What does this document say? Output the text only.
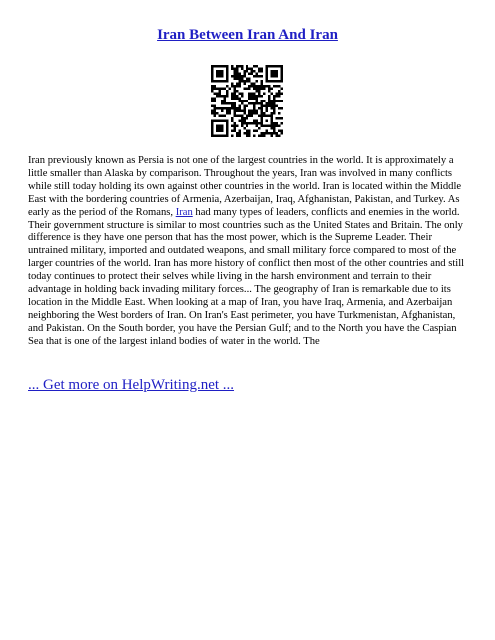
Iran Between Iran And Iran

Iran previously known as Persia is not one of the largest countries in the world. It is approximately a little smaller than Alaska by comparison. Throughout the years, Iran was involved in many conflicts while still today holding its own against other countries in the world. Iran is located within the Middle East with the bordering countries of Armenia, Azerbaijan, Iraq, Afghanistan, Pakistan, and Turkey. As early as the period of the Romans, Iran had many types of leaders, conflicts and enemies in the world. Their government structure is similar to most countries such as the United States and Britain. The only difference is they have one person that has the most power, which is the Supreme Leader. Their untrained military, imported and outdated weapons, and small military force compared to most of the larger countries of the world. Iran has more history of conflict then most of the other countries and still today continues to protect their selves while living in the harsh environment and terrain to their advantage in holding back invading military forces... The geography of Iran is remarkable due to its location in the Middle East. When looking at a map of Iran, you have Iraq, Armenia, and Azerbaijan neighboring the West borders of Iran. On Iran's East perimeter, you have Turkmenistan, Afghanistan, and Pakistan. On the South border, you have the Persian Gulf; and to the North you have the Caspian Sea that is one of the largest inland bodies of water in the world. The

... Get more on HelpWriting.net ...
